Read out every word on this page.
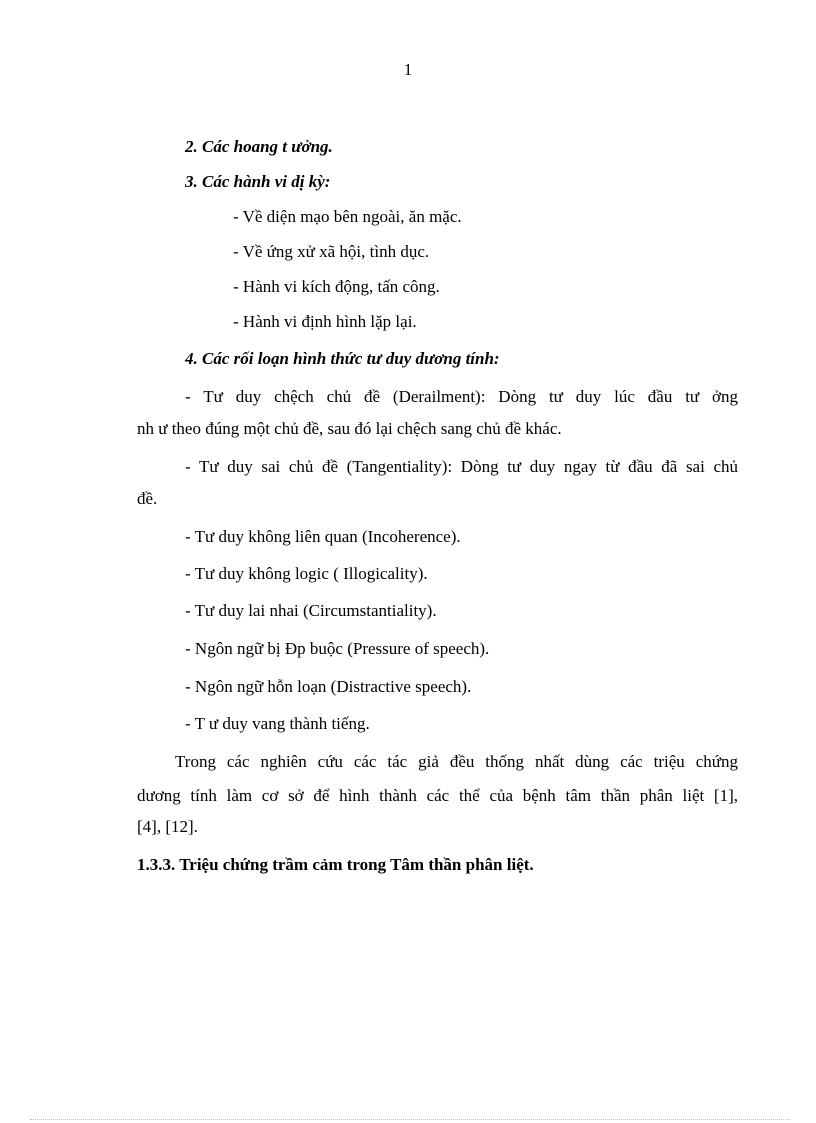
1
2. Các hoang t ưởng.
3. Các hành vi dị kỳ:
- Về diện mạo bên ngoài, ăn mặc.
- Về ứng xử xã hội, tình dục.
- Hành vi kích động, tấn công.
- Hành vi định hình lặp lại.
4. Các rối loạn hình thức tư duy dương tính:
- Tư duy chệch chủ đề (Derailment): Dòng tư duy lúc đầu tư ởng
nh ư theo đúng một chủ đề, sau đó lại chệch sang chủ đề khác.
- Tư duy sai chủ đề (Tangentiality): Dòng tư duy ngay từ đầu đã sai chủ
đề.
- Tư duy không liên quan (Incoherence).
- Tư duy không logic ( Illogicality).
- Tư duy lai nhai (Circumstantiality).
- Ngôn ngữ bị Đp buộc (Pressure of speech).
- Ngôn ngữ hỗn loạn (Distractive speech).
- T ư duy vang thành tiếng.
Trong các nghiên cứu các tác giả đều thống nhất dùng các triệu chứng
dương tính làm cơ sở để hình thành các thể của bệnh tâm thần phân liệt [1],
[4], [12].
1.3.3. Triệu chứng trầm cảm trong Tâm thần phân liệt.
